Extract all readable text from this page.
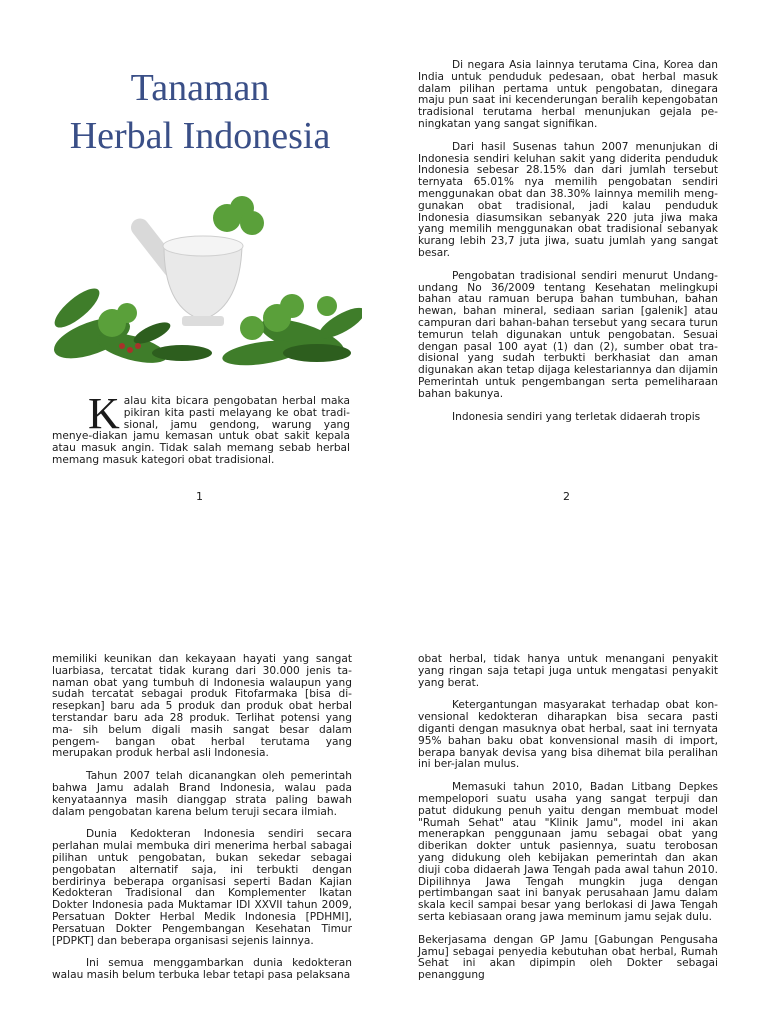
Tanaman
Herbal Indonesia

K alau kita bicara pengobatan herbal maka pikiran kita pasti melayang ke obat tradi-sional, jamu gendong, warung yang menye-diakan jamu kemasan untuk obat sakit kepala atau masuk angin. Tidak salah memang sebab herbal memang masuk kategori obat tradisional.

1

Di negara Asia lainnya terutama Cina, Korea dan India untuk penduduk pedesaan, obat herbal masuk dalam pilihan pertama untuk pengobatan, dinegara maju pun saat ini kecenderungan beralih kepengobatan tradisional terutama herbal menunjukan gejala pe-ningkatan yang sangat signifikan.

Dari hasil Susenas tahun 2007 menunjukan di Indonesia sendiri keluhan sakit yang diderita penduduk Indonesia sebesar 28.15% dan dari jumlah tersebut ternyata 65.01% nya memilih pengobatan sendiri menggunakan obat dan 38.30% lainnya memilih meng-gunakan obat tradisional, jadi kalau penduduk Indonesia diasumsikan sebanyak 220 juta jiwa maka yang memilih menggunakan obat tradisional sebanyak kurang lebih 23,7 juta jiwa, suatu jumlah yang sangat besar.

Pengobatan tradisional sendiri menurut Undang-undang No 36/2009 tentang Kesehatan melingkupi bahan atau ramuan berupa bahan tumbuhan, bahan hewan, bahan mineral, sediaan sarian [galenik] atau campuran dari bahan-bahan tersebut yang secara turun temurun telah digunakan untuk pengobatan. Sesuai dengan pasal 100 ayat (1) dan (2), sumber obat tra-disional yang sudah terbukti berkhasiat dan aman digunakan akan tetap dijaga kelestariannya dan dijamin Pemerintah untuk pengembangan serta pemeliharaan bahan bakunya.

Indonesia sendiri yang terletak didaerah tropis

2

memiliki keunikan dan kekayaan hayati yang sangat luarbiasa, tercatat tidak kurang dari 30.000 jenis ta- naman obat yang tumbuh di Indonesia walaupun yang sudah tercatat sebagai produk Fitofarmaka [bisa di- resepkan] baru ada 5 produk dan produk obat herbal terstandar baru ada 28 produk. Terlihat potensi yang ma- sih belum digali masih sangat besar dalam pengem- bangan obat herbal terutama yang merupakan produk herbal asli Indonesia.

Tahun 2007 telah dicanangkan oleh pemerintah bahwa Jamu adalah Brand Indonesia, walau pada kenyataannya masih dianggap strata paling bawah dalam pengobatan karena belum teruji secara ilmiah.

Dunia Kedokteran Indonesia sendiri secara perlahan mulai membuka diri menerima herbal sabagai pilihan untuk pengobatan, bukan sekedar sebagai pengobatan alternatif saja, ini terbukti dengan berdirinya beberapa organisasi seperti Badan Kajian Kedokteran Tradisional dan Komplementer Ikatan Dokter Indonesia pada Muktamar IDI XXVII tahun 2009, Persatuan Dokter Herbal Medik Indonesia [PDHMI], Persatuan Dokter Pengembangan Kesehatan Timur [PDPKT] dan beberapa organisasi sejenis lainnya.

Ini semua menggambarkan dunia kedokteran walau masih belum terbuka lebar tetapi pasa pelaksana

obat herbal, tidak hanya untuk menangani penyakit yang ringan saja tetapi juga untuk mengatasi penyakit yang berat.

Ketergantungan masyarakat terhadap obat kon-vensional kedokteran diharapkan bisa secara pasti diganti dengan masuknya obat herbal, saat ini ternyata 95% bahan baku obat konvensional masih di import, berapa banyak devisa yang bisa dihemat bila peralihan ini ber-jalan mulus.

Memasuki tahun 2010, Badan Litbang Depkes mempelopori suatu usaha yang sangat terpuji dan patut didukung penuh yaitu dengan membuat model "Rumah Sehat" atau "Klinik Jamu", model ini akan menerapkan penggunaan jamu sebagai obat yang diberikan dokter untuk pasiennya, suatu terobosan yang didukung oleh kebijakan pemerintah dan akan diuji coba didaerah Jawa Tengah pada awal tahun 2010. Dipilihnya Jawa Tengah mungkin juga dengan pertimbangan saat ini banyak perusahaan Jamu dalam skala kecil sampai besar yang berlokasi di Jawa Tengah serta kebiasaan orang jawa meminum jamu sejak dulu.

Bekerjasama dengan GP Jamu [Gabungan Pengusaha Jamu] sebagai penyedia kebutuhan obat herbal, Rumah Sehat ini akan dipimpin oleh Dokter sebagai penanggung
